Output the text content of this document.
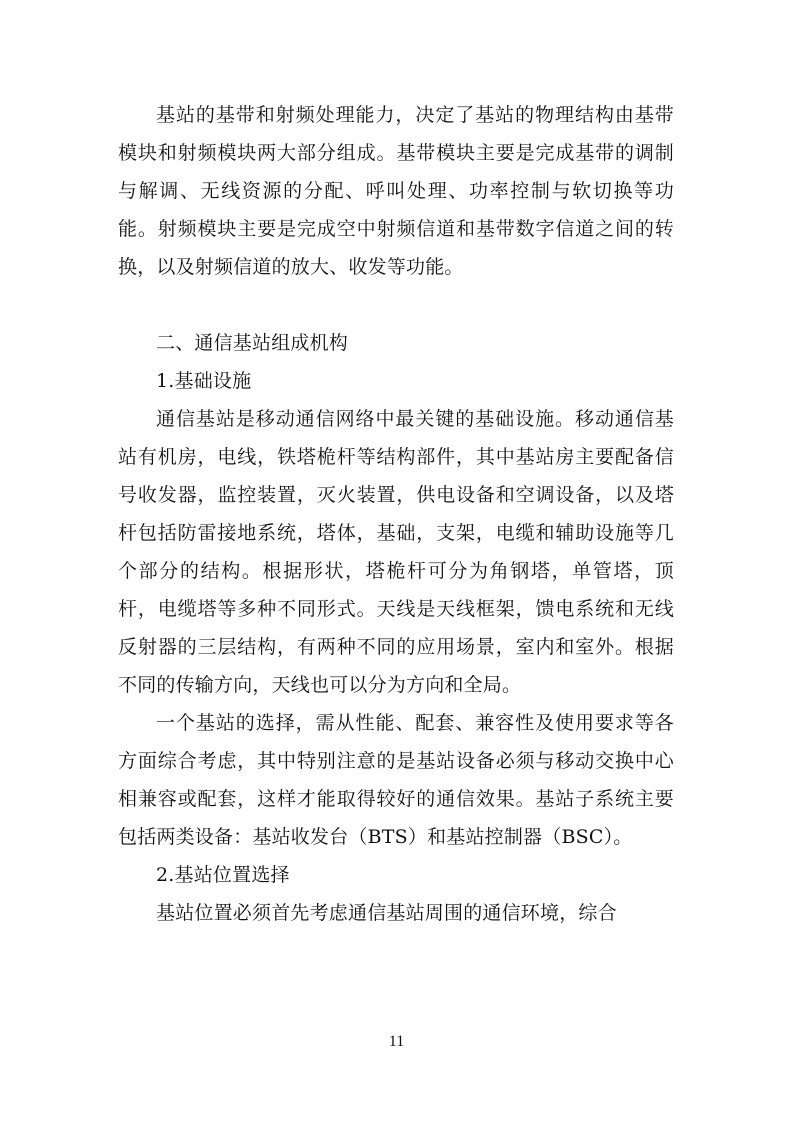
基站的基带和射频处理能力，决定了基站的物理结构由基带模块和射频模块两大部分组成。基带模块主要是完成基带的调制与解调、无线资源的分配、呼叫处理、功率控制与软切换等功能。射频模块主要是完成空中射频信道和基带数字信道之间的转换，以及射频信道的放大、收发等功能。

二、通信基站组成机构

1.基础设施

通信基站是移动通信网络中最关键的基础设施。移动通信基站有机房，电线，铁塔桅杆等结构部件，其中基站房主要配备信号收发器，监控装置，灭火装置，供电设备和空调设备，以及塔杆包括防雷接地系统，塔体，基础，支架，电缆和辅助设施等几个部分的结构。根据形状，塔桅杆可分为角钢塔，单管塔，顶杆，电缆塔等多种不同形式。天线是天线框架，馈电系统和无线反射器的三层结构，有两种不同的应用场景，室内和室外。根据不同的传输方向，天线也可以分为方向和全局。

一个基站的选择，需从性能、配套、兼容性及使用要求等各方面综合考虑，其中特别注意的是基站设备必须与移动交换中心相兼容或配套，这样才能取得较好的通信效果。基站子系统主要包括两类设备：基站收发台（BTS）和基站控制器（BSC）。

2.基站位置选择

基站位置必须首先考虑通信基站周围的通信环境，综合

11
